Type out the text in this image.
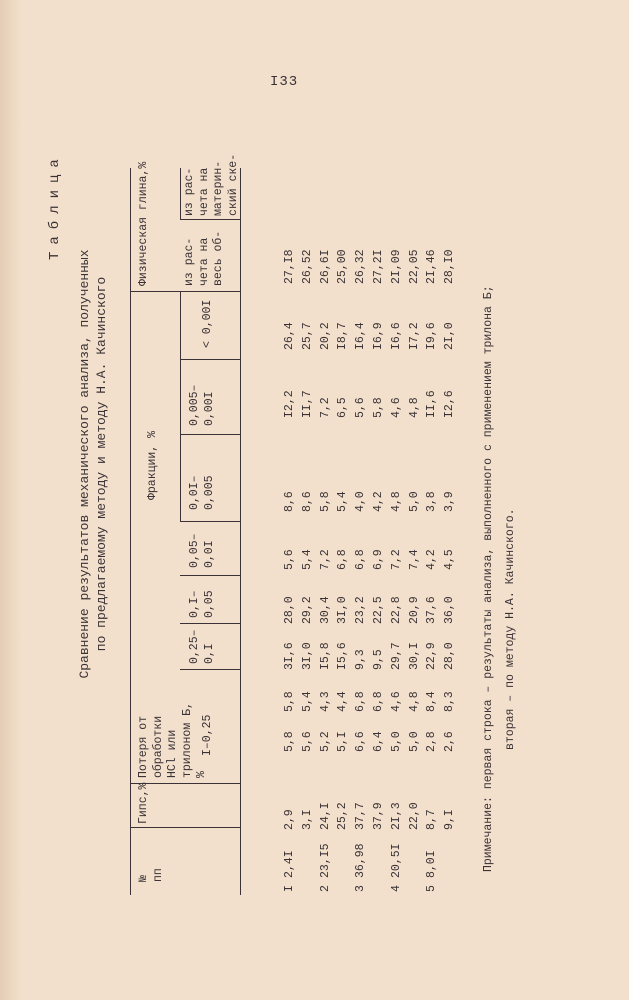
I33
Таблица
Сравнение результатов механического анализа, полученных по предлагаемому методу и методу Н.А. Качинского
№ пп
Гипс,%
Потеря от обработки HCl или трилоном Б, %
Фракции, %
Физическая глина,%
I–0,25
0,25– 0,I
0,I– 0,05
0,05– 0,0I
0,0I– 0,005
0,005– 0,00I
< 0,00I
из рас- чета на весь об-
из рас- чета на материн- ский ске-
I
2,4I
2,9
5,8
5,8
3I,6
28,0
5,6
8,6
I2,2
26,4
27,I8
3,I
5,6
5,4
3I,0
29,2
5,4
8,6
II,7
25,7
26,52
2
23,I5
24,I
5,2
4,3
I5,8
30,4
7,2
5,8
7,2
20,2
26,6I
25,2
5,I
4,4
I5,6
3I,0
6,8
5,4
6,5
I8,7
25,00
3
36,98
37,7
6,6
6,8
9,3
23,2
6,8
4,0
5,6
I6,4
26,32
37,9
6,4
6,8
9,5
22,5
6,9
4,2
5,8
I6,9
27,2I
4
20,5I
2I,3
5,0
4,6
29,7
22,8
7,2
4,8
4,6
I6,6
2I,09
22,0
5,0
4,8
30,I
20,9
7,4
5,0
4,8
I7,2
22,05
5
8,0I
8,7
2,8
8,4
22,9
37,6
4,2
3,8
II,6
I9,6
2I,46
9,I
2,6
8,3
28,0
36,0
4,5
3,9
I2,6
2I,0
28,I0
Примечание: первая строка – результаты анализа, выполненного с применением трилона Б; вторая – по методу Н.А. Качинского.
